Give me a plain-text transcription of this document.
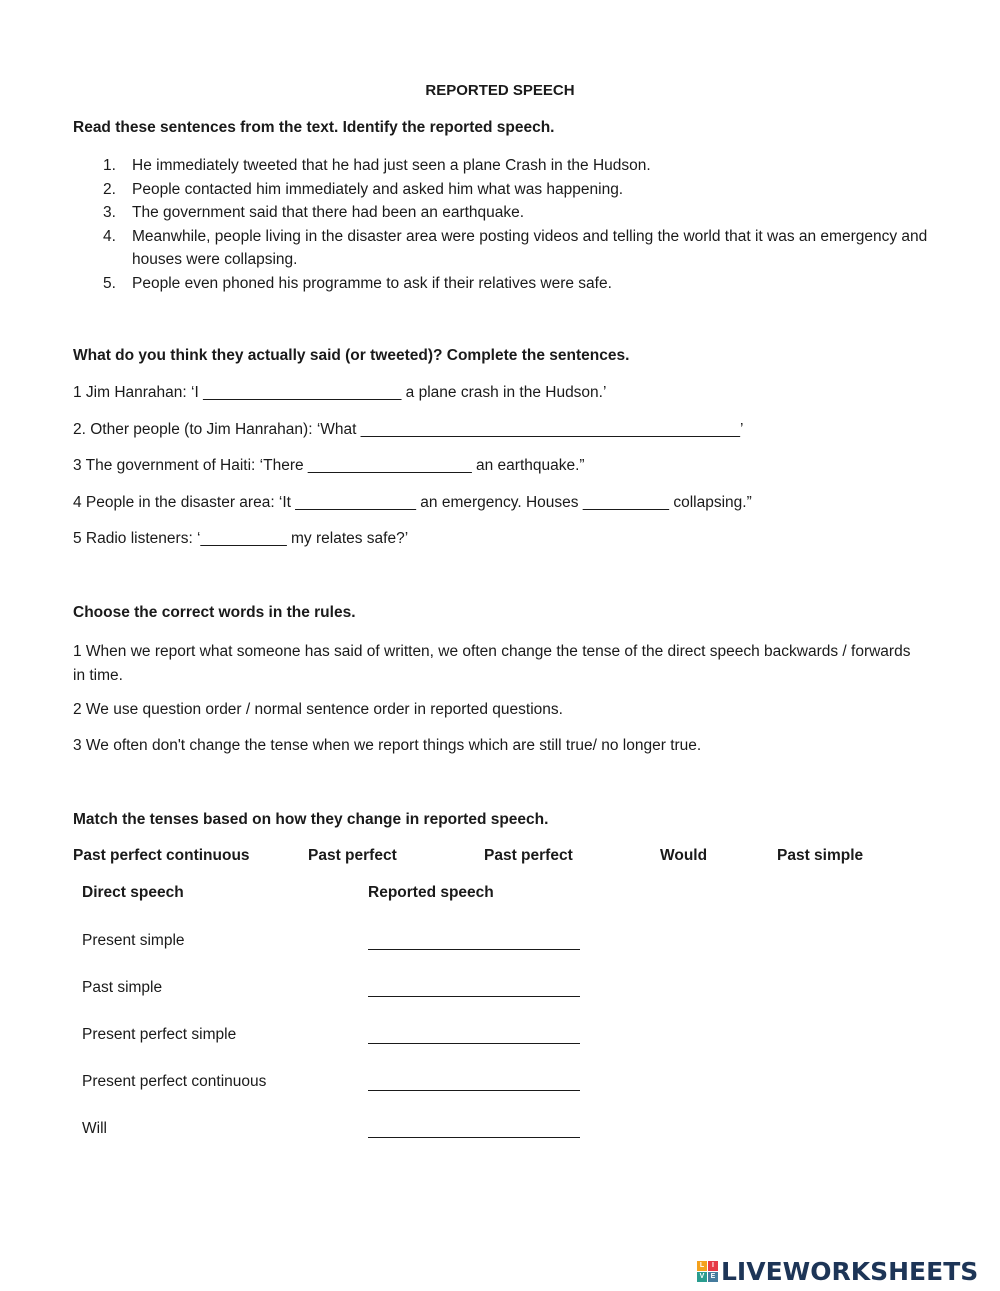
REPORTED SPEECH
Read these sentences from the text. Identify the reported speech.
1. He immediately tweeted that he had just seen a plane Crash in the Hudson.
2. People contacted him immediately and asked him what was happening.
3. The government said that there had been an earthquake.
4. Meanwhile, people living in the disaster area were posting videos and telling the world that it was an emergency and houses were collapsing.
5. People even phoned his programme to ask if their relatives were safe.
What do you think they actually said (or tweeted)? Complete the sentences.
1 Jim Hanrahan: ‘I _______________________ a plane crash in the Hudson.’
2. Other people (to Jim Hanrahan): ‘What ____________________________________________’
3 The government of Haiti: ‘There ___________________ an earthquake.”
4 People in the disaster area: ‘It ______________ an emergency. Houses __________ collapsing.”
5 Radio listeners: ‘__________ my relates safe?’
Choose the correct words in the rules.
1 When we report what someone has said of written, we often change the tense of the direct speech backwards / forwards in time.
2 We use question order / normal sentence order in reported questions.
3 We often don't change the tense when we report things which are still true/ no longer true.
Match the tenses based on how they change in reported speech.
Past perfect continuous	Past perfect	Past perfect	Would	Past simple
Direct speech	Reported speech
Present simple
Past simple
Present perfect simple
Present perfect continuous
Will
L	I
V E LIVEWORKSHEETS
